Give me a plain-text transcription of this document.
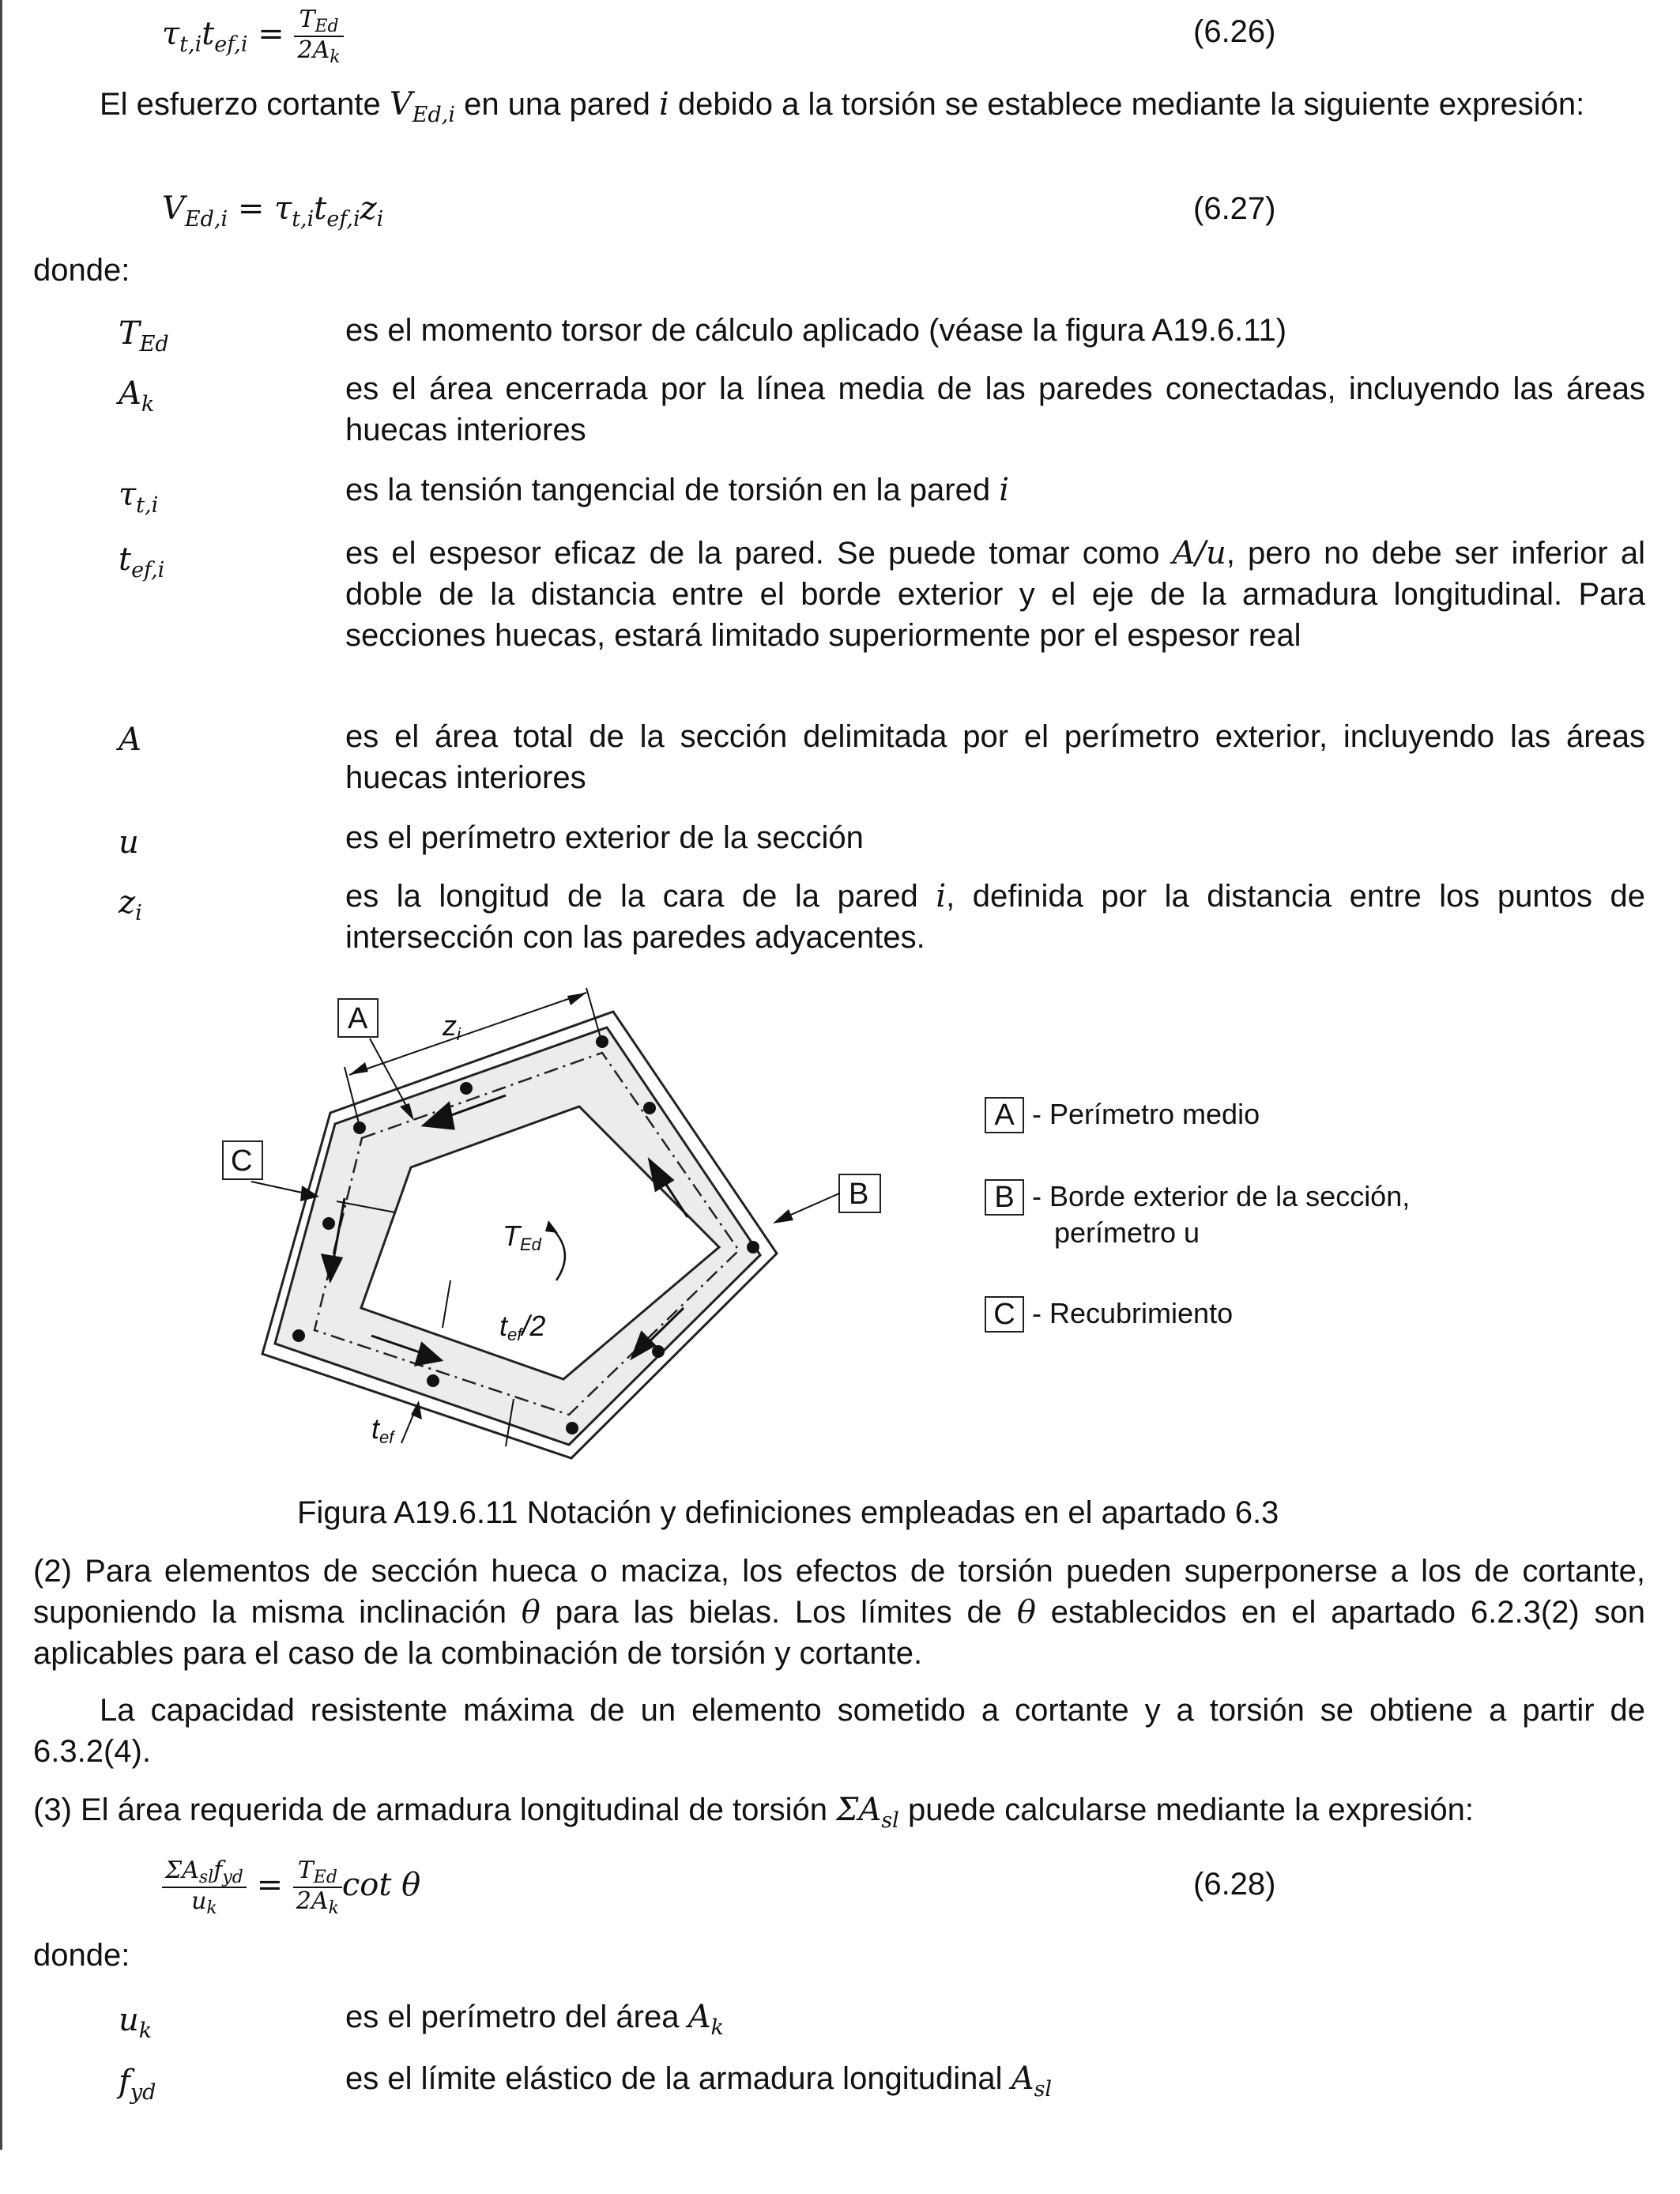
$\tau_{t,i}t_{ef,i} = \frac{T_{Ed}}{2A_k}$	(6.26)
El esfuerzo cortante $V_{Ed,i}$ en una pared i debido a la torsión se establece mediante la siguiente expresión:
$V_{Ed,i} = \tau_{t,i}t_{ef,i}z_i$	(6.27)
donde:
$T_{Ed}$	es el momento torsor de cálculo aplicado (véase la figura A19.6.11)
$A_k$	es el área encerrada por la línea media de las paredes conectadas, incluyendo las áreas huecas interiores
$\tau_{t,i}$	es la tensión tangencial de torsión en la pared i
$t_{ef,i}$	es el espesor eficaz de la pared. Se puede tomar como A/u, pero no debe ser inferior al doble de la distancia entre el borde exterior y el eje de la armadura longitudinal. Para secciones huecas, estará limitado superiormente por el espesor real
A	es el área total de la sección delimitada por el perímetro exterior, incluyendo las áreas huecas interiores
u	es el perímetro exterior de la sección
$z_i$	es la longitud de la cara de la pared i, definida por la distancia entre los puntos de intersección con las paredes adyacentes.
zi
A
C
B
TEd
tef/2
tef
A - Perímetro medio
B - Borde exterior de la sección,
perímetro u
C - Recubrimiento
Figura A19.6.11 Notación y definiciones empleadas en el apartado 6.3
(2) Para elementos de sección hueca o maciza, los efectos de torsión pueden superponerse a los de cortante, suponiendo la misma inclinación θ para las bielas. Los límites de θ establecidos en el apartado 6.2.3(2) son aplicables para el caso de la combinación de torsión y cortante.
La capacidad resistente máxima de un elemento sometido a cortante y a torsión se obtiene a partir de 6.3.2(4).
(3) El área requerida de armadura longitudinal de torsión $\Sigma A_{sl}$ puede calcularse mediante la expresión:
$\frac{\Sigma A_{sl}f_{yd}}{u_k} = \frac{T_{Ed}}{2A_k}$ cot θ	(6.28)
donde:
$u_k$	es el perímetro del área $A_k$
$f_{yd}$	es el límite elástico de la armadura longitudinal $A_{sl}$
